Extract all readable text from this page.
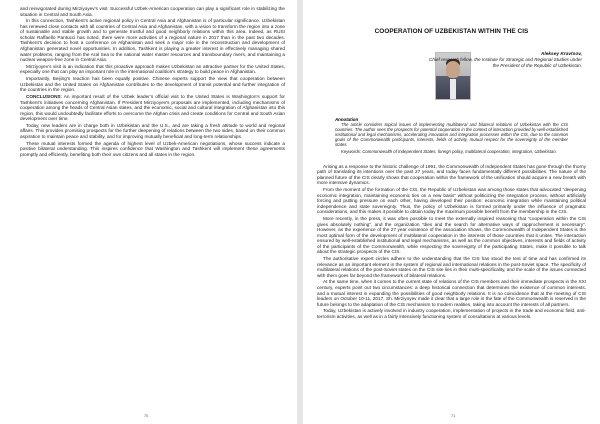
and reinvigorated during Mirziyoyev’s visit. Successful Uzbek-American cooperation can play a significant role in stabilizing the situation in Central and South Asia.

In this connection, Tashkent’s active regional policy in Central Asia and Afghanistan is of particular significance. Uzbekistan has renewed close contacts with all countries of Central Asia and Afghanistan, with a vision to transform the region into a zone of sustainable and stable growth and to generate trustful and good neighborly relations within this area. Indeed, as RUSI scholar Raffaello Pantucci has noted, there were more activities of a regional nature in 2017 than in the past two decades. Tashkent’s decision to host a conference on Afghanistan and seek a major role in the reconstruction and development of Afghanistan generated novel opportunities. In addition, Tashkent is playing a greater interest in effectively managing shared water problems, ranging from the Aral Sea to the national water master resources and transboundary rivers, and maintaining a nuclear weapon-free zone in Central Asia.

Mirziyoyev’s visit is an indication that this proactive approach makes Uzbekistan an attractive partner for the United States, especially one that can play an important role in the international coalition’s strategy to build peace in Afghanistan.

Importantly, Beijing’s reaction has been equally positive. Chinese experts support the view that cooperation between Uzbekistan and the United States on Afghanistan contributes to the development of transit potential and further integration of the countries in the region.

CONCLUSIONS: An important result of the Uzbek leader’s official visit to the United States is Washington’s support for Tashkent’s initiatives concerning Afghanistan. If President Mirziyoyev’s proposals are implemented, including mechanisms of cooperation among the heads of Central Asian states, and the economic, social and cultural integration of Afghanistan into this region, this would undoubtedly facilitate efforts to overcome the Afghan crisis and create conditions for Central and South Asian development over time.

Today, new leaders are in charge both in Uzbekistan and the U.S., and are taking a fresh attitude to world and regional affairs. This provides promising prospects for the further deepening of relations between the two sides, based on their common aspiration to maintain peace and stability, and for improving mutually beneficial and long-term relationships.

These mutual interests formed the agenda of highest level of Uzbek-American negotiations, whose success indicate a positive bilateral understanding. This inspires confidence that Washington and Tashkent will implement these agreements promptly and efficiently, benefiting both their own citizens and all states in the region.

70
COOPERATION OF UZBEKISTAN WITHIN THE CIS
Aleksey Kravtsov,
Chief research fellow, the Institute for Strategic and Regional Studies under the President of the Republic of Uzbekistan.
Annotation

The article considers topical issues of implementing multilateral and bilateral relations of Uzbekistan with the CIS countries. The author sees the prospects for potential cooperation in the context of interaction provided by well-established institutional and legal mechanisms, accelerating innovation and integration processes within the CIS, due to the common goals of the Commonwealth participants, interests, fields of activity, mutual respect for the sovereignty of the member states.

Keywords: Commonwealth of Independent States, foreign policy, multilateral cooperation, integration, Uzbekistan.

Arising as a response to the historic challenge of 1991, the Commonwealth of Independent States has gone through the thorny path of translating its intentions over the past 27 years, and today faces fundamentally different possibilities. The nature of the planned future of the CIS clearly shows that cooperation within the framework of the unification should acquire a new breath with more intensive dynamics.

From the moment of the formation of the CIS, the Republic of Uzbekistan was among those states that advocated “deepening economic integration, maintaining economic ties on a new basis” without politicizing the integration process, without artificially forcing and putting pressure on each other, having developed their position: economic integration while maintaining political independence and state sovereignty. Thus, the policy of Uzbekistan is formed primarily under the influence of pragmatic considerations, and this makes it possible to obtain today the maximum possible benefit from the membership in the CIS.

More recently, in the press, it was often possible to meet the externally inspired reasoning that “cooperation within the CIS gives absolutely nothing”, and the organization “dies and the search for alternative ways of rapprochement is necessary”. However, as the experience of the 27 year existence of the association shows, the Commonwealth of Independent States is the most optimal form of the development of multilateral cooperation in the interests of those countries that it unites. The interaction ensured by well-established institutional and legal mechanisms, as well as the common objectives, interests and fields of activity of the participants of the Commonwealth, while respecting the sovereignty of the participating States, make it possible to talk about the strategic prospects of the CIS.

The authoritative expert circles adhere to the understanding that the CIS has stood the test of time and has confirmed its relevance as an important element in the system of regional and international relations in the post-Soviet space. The specificity of multilateral relations of the post-Soviet states on the CIS site lies in their multi-specificality, and the scale of the issues connected with them goes far beyond the framework of bilateral relations.

At the same time, when it comes to the current state of relations of the CIS members and their immediate prospects in the XXI century, experts point out two circumstances: a deep historical connection that determines the existence of common interests, and a mutual interest in expanding the possibilities of good neighborly relations. It is no coincidence that at the meeting of CIS leaders on October 10-11, 2017, Sh. Mirziyoyev made it clear that a large role in the fate of the Commonwealth is reserved in the future belongs to the adaptation of the CIS mechanism to modern realities, taking into account the interests of all partners.

Today, Uzbekistan is actively involved in industry cooperation, implementation of projects in the trade and economic field, anti-terrorism activities, as well as in a fairly intensively functioning system of consultations at various levels.

71
